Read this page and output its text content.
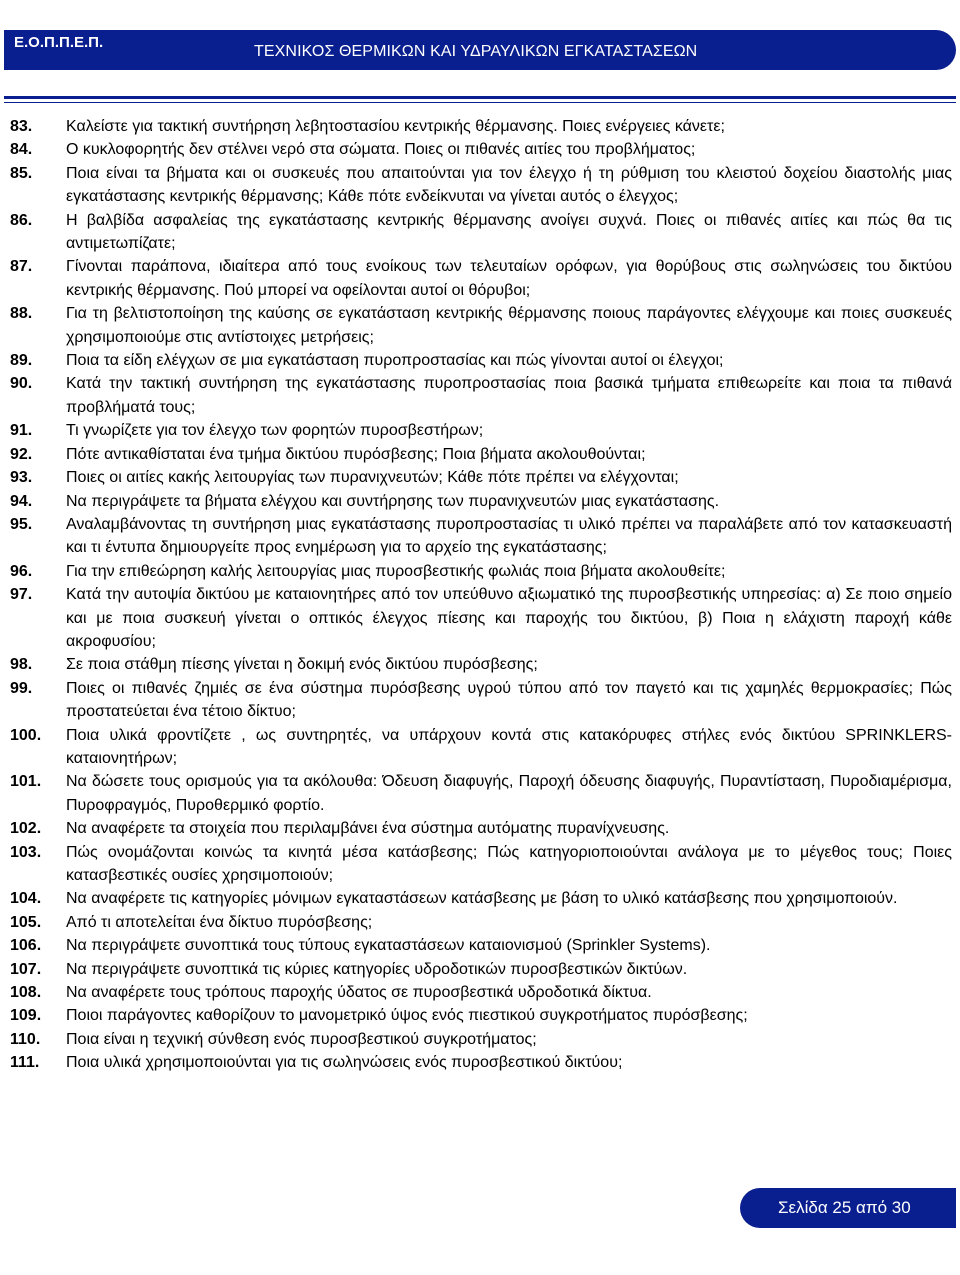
Ε.Ο.Π.Π.Ε.Π.
ΤΕΧΝΙΚΟΣ ΘΕΡΜΙΚΩΝ ΚΑΙ ΥΔΡΑΥΛΙΚΩΝ ΕΓΚΑΤΑΣΤΑΣΕΩΝ
83.	Καλείστε για τακτική συντήρηση λεβητοστασίου κεντρικής θέρμανσης. Ποιες ενέργειες κάνετε;
84.	Ο κυκλοφορητής δεν στέλνει νερό στα σώματα. Ποιες οι πιθανές αιτίες του προβλήματος;
85.	Ποια είναι τα βήματα και οι συσκευές που απαιτούνται για τον έλεγχο ή τη ρύθμιση του κλειστού δοχείου διαστολής μιας εγκατάστασης κεντρικής θέρμανσης; Κάθε πότε ενδείκνυται να γίνεται αυτός ο έλεγχος;
86.	Η βαλβίδα ασφαλείας της εγκατάστασης κεντρικής θέρμανσης ανοίγει συχνά. Ποιες οι πιθανές αιτίες και πώς θα τις αντιμετωπίζατε;
87.	Γίνονται παράπονα, ιδιαίτερα από τους ενοίκους των τελευταίων ορόφων, για θορύβους στις σωληνώσεις του δικτύου κεντρικής θέρμανσης. Πού μπορεί να οφείλονται αυτοί οι θόρυβοι;
88.	Για τη βελτιστοποίηση της καύσης σε εγκατάσταση κεντρικής θέρμανσης ποιους παράγοντες ελέγχουμε και ποιες συσκευές χρησιμοποιούμε στις αντίστοιχες μετρήσεις;
89.	Ποια τα είδη ελέγχων σε μια εγκατάσταση πυροπροστασίας και πώς γίνονται αυτοί οι έλεγχοι;
90.	Κατά την τακτική συντήρηση της εγκατάστασης πυροπροστασίας ποια βασικά τμήματα επιθεωρείτε και ποια τα πιθανά προβλήματά τους;
91.	Τι γνωρίζετε για τον έλεγχο των φορητών πυροσβεστήρων;
92.	Πότε αντικαθίσταται ένα τμήμα δικτύου πυρόσβεσης; Ποια βήματα ακολουθούνται;
93.	Ποιες οι αιτίες κακής λειτουργίας των πυρανιχνευτών; Κάθε πότε πρέπει να ελέγχονται;
94.	Να περιγράψετε τα βήματα ελέγχου και συντήρησης των πυρανιχνευτών μιας εγκατάστασης.
95.	Αναλαμβάνοντας τη συντήρηση μιας εγκατάστασης πυροπροστασίας τι υλικό πρέπει να παραλάβετε από τον κατασκευαστή και τι έντυπα δημιουργείτε προς ενημέρωση για το αρχείο της εγκατάστασης;
96.	Για την επιθεώρηση καλής λειτουργίας μιας πυροσβεστικής φωλιάς ποια βήματα ακολουθείτε;
97.	Κατά την αυτοψία δικτύου με καταιονητήρες από τον υπεύθυνο αξιωματικό της πυροσβεστικής υπηρεσίας: α) Σε ποιο σημείο και με ποια συσκευή γίνεται ο οπτικός έλεγχος πίεσης και παροχής του δικτύου, β) Ποια η ελάχιστη παροχή κάθε ακροφυσίου;
98.	Σε ποια στάθμη πίεσης γίνεται η δοκιμή ενός δικτύου πυρόσβεσης;
99.	Ποιες οι πιθανές ζημιές σε ένα σύστημα πυρόσβεσης υγρού τύπου από τον παγετό και τις χαμηλές θερμοκρασίες; Πώς προστατεύεται ένα τέτοιο δίκτυο;
100.	Ποια υλικά φροντίζετε , ως συντηρητές, να υπάρχουν κοντά στις κατακόρυφες στήλες ενός δικτύου SPRINKLERS-καταιονητήρων;
101.	Να δώσετε τους ορισμούς για τα ακόλουθα: Όδευση διαφυγής, Παροχή όδευσης διαφυγής, Πυραντίσταση, Πυροδιαμέρισμα, Πυροφραγμός, Πυροθερμικό φορτίο.
102.	Να αναφέρετε τα στοιχεία που περιλαμβάνει ένα σύστημα αυτόματης πυρανίχνευσης.
103.	Πώς ονομάζονται κοινώς τα κινητά μέσα κατάσβεσης; Πώς κατηγοριοποιούνται ανάλογα με το μέγεθος τους; Ποιες κατασβεστικές ουσίες χρησιμοποιούν;
104.	Να αναφέρετε τις κατηγορίες μόνιμων εγκαταστάσεων κατάσβεσης με βάση το υλικό κατάσβεσης που χρησιμοποιούν.
105.	Από τι αποτελείται ένα δίκτυο πυρόσβεσης;
106.	Να περιγράψετε συνοπτικά τους τύπους εγκαταστάσεων καταιονισμού (Sprinkler Systems).
107.	Να περιγράψετε συνοπτικά τις κύριες κατηγορίες υδροδοτικών πυροσβεστικών δικτύων.
108.	Να αναφέρετε τους τρόπους παροχής ύδατος σε πυροσβεστικά υδροδοτικά δίκτυα.
109.	Ποιοι παράγοντες καθορίζουν το μανομετρικό ύψος ενός πιεστικού συγκροτήματος πυρόσβεσης;
110.	Ποια είναι η τεχνική σύνθεση ενός πυροσβεστικού συγκροτήματος;
111.	Ποια υλικά χρησιμοποιούνται για τις σωληνώσεις ενός πυροσβεστικού δικτύου;
Σελίδα 25 από 30
